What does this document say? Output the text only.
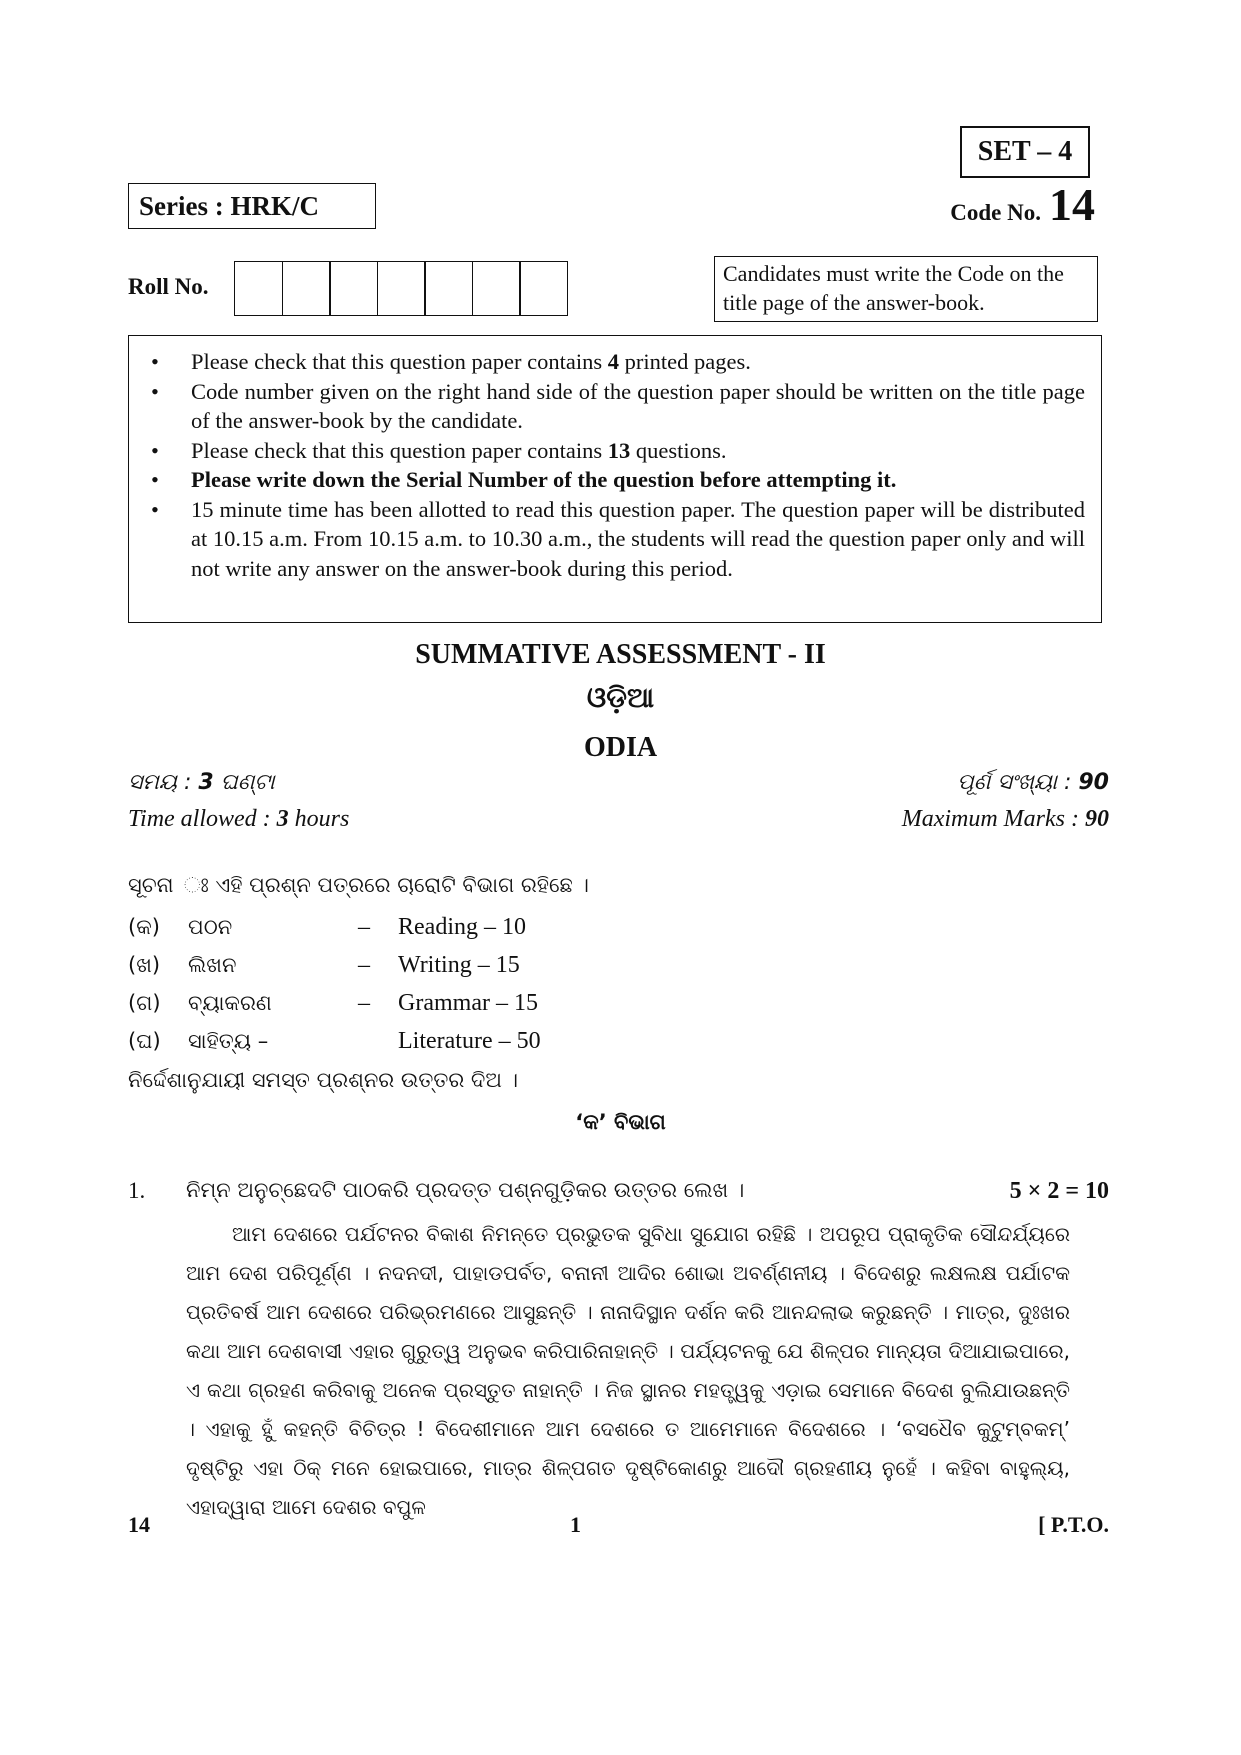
SET – 4
Series : HRK/C	Code No. 14
Roll No.
Candidates must write the Code on the title page of the answer-book.
• Please check that this question paper contains 4 printed pages.
• Code number given on the right hand side of the question paper should be written on the title page of the answer-book by the candidate.
• Please check that this question paper contains 13 questions.
• Please write down the Serial Number of the question before attempting it.
• 15 minute time has been allotted to read this question paper. The question paper will be distributed at 10.15 a.m. From 10.15 a.m. to 10.30 a.m., the students will read the question paper only and will not write any answer on the answer-book during this period.
SUMMATIVE ASSESSMENT - II
ଓଡ଼ିଆ
ODIA
ସମୟ : 3 ଘଣ୍ଟା
Time allowed : 3 hours
ପୂର୍ଣ ସଂଖ୍ୟା : 90
Maximum Marks : 90
ସୂଚନା ଃ ଏହି ପ୍ରଶ୍ନ ପତ୍ରରେ ଚାରୋଟି ବିଭାଗ ରହିଛେ ।
(କ)	ପଠନ	–	Reading – 10
(ଖ)	ଲିଖନ	–	Writing – 15
(ଗ)	ବ୍ୟାକରଣ	–	Grammar – 15
(ଘ)	ସାହିତ୍ୟ –	Literature – 50
ନିର୍ଦ୍ଦେଶାନୁଯାୟୀ ସମସ୍ତ ପ୍ରଶ୍ନର ଉତ୍ତର ଦିଅ ।
‘କ’ ବିଭାଗ
1. ନିମ୍ନ ଅନୁଚ୍ଛେଦଟି ପାଠକରି ପ୍ରଦତ୍ତ ପଶ୍ନଗୁଡ଼ିକର ଉତ୍ତର ଲେଖ ।	5 × 2 = 10
ଆମ ଦେଶରେ ପର୍ଯଟନର ବିକାଶ ନିମନ୍ତେ ପ୍ରଭୁତକ ସୁବିଧା ସୁଯୋଗ ରହିଛି । ଅପରୂପ ପ୍ରାକୃତିକ ସୌନ୍ଦର୍ଯ୍ୟରେ ଆମ ଦେଶ ପରିପୂର୍ଣ୍ଣ । ନଦନଦୀ, ପାହାଡପର୍ବତ, ବନାନୀ ଆଦିର ଶୋଭା ଅବର୍ଣ୍ଣନୀୟ । ବିଦେଶରୁ ଲକ୍ଷଲକ୍ଷ ପର୍ଯାଟକ ପ୍ରତିବର୍ଷ ଆମ ଦେଶରେ ପରିଭ୍ରମଣରେ ଆସୁଛନ୍ତି । ନାନାଦିସ୍ଥାନ ଦର୍ଶନ କରି ଆନନ୍ଦଲାଭ କରୁଛନ୍ତି । ମାତ୍ର, ଦୁଃଖର କଥା ଆମ ଦେଶବାସୀ ଏହାର ଗୁରୁତ୍ୱ ଅନୁଭବ କରିପାରିନାହାନ୍ତି । ପର୍ଯ୍ୟଟନକୁ ଯେ ଶିଳ୍ପର ମାନ୍ୟତା ଦିଆଯାଇପାରେ, ଏ କଥା ଗ୍ରହଣ କରିବାକୁ ଅନେକ ପ୍ରସ୍ତୁତ ନାହାନ୍ତି । ନିଜ ସ୍ଥାନର ମହତ୍ତ୍ୱକୁ ଏଡ଼ାଇ ସେମାନେ ବିଦେଶ ବୁଲିଯାଉଛନ୍ତି । ଏହାକୁ ହୁଁ କହନ୍ତି ବିଚିତ୍ର ! ବିଦେଶୀମାନେ ଆମ ଦେଶରେ ତ ଆମେମାନେ ବିଦେଶରେ । ‘ବସଧୈବ କୁଟୁମ୍ବକମ୍’ ଦୃଷ୍ଟିରୁ ଏହା ଠିକ୍ ମନେ ହୋଇପାରେ, ମାତ୍ର ଶିଳ୍ପଗତ ଦୃଷ୍ଟିକୋଣରୁ ଆଦୌ ଗ୍ରହଣୀୟ ନୁହେଁ । କହିବା ବାହୁଲ୍ୟ, ଏହାଦ୍ୱାରା ଆମେ ଦେଶର ବପୁଳ
14	1	[ P.T.O.
